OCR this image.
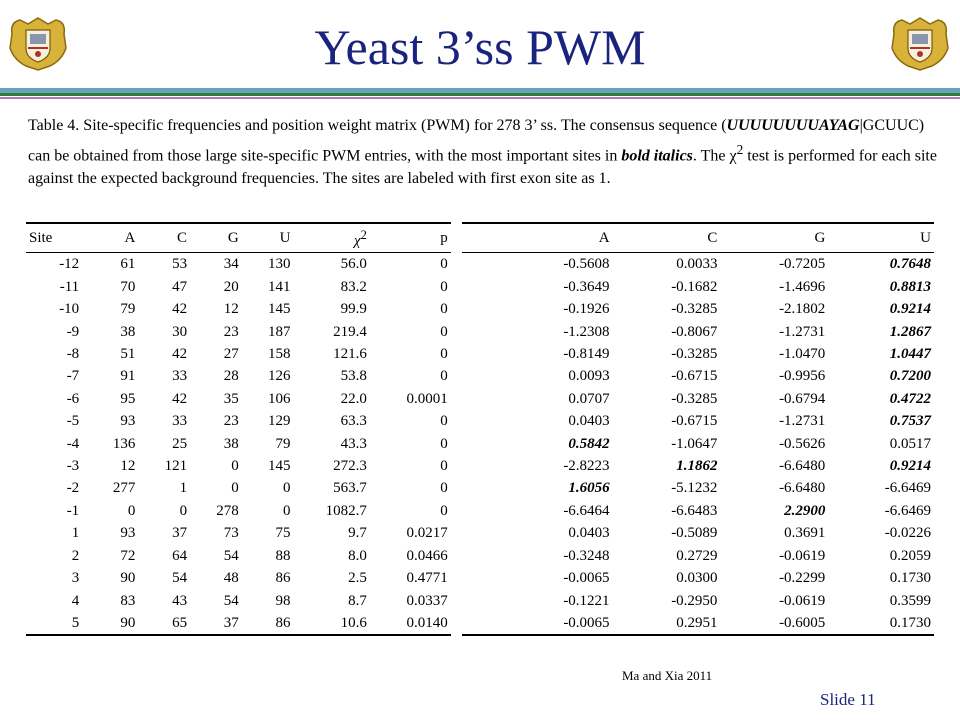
Yeast 3’ss PWM
Table 4. Site-specific frequencies and position weight matrix (PWM) for 278 3’ ss. The consensus sequence (UUUUUUUUAYAG|GCUUC) can be obtained from those large site-specific PWM entries, with the most important sites in bold italics. The $\chi^2$ test is performed for each site against the expected background frequencies. The sites are labeled with first exon site as 1.
Site	A	C	G	U	$\chi^2$	p		A	C	G	U
-12	61	53	34	130	56.0	0		-0.5608	0.0033	-0.7205	0.7648
-11	70	47	20	141	83.2	0		-0.3649	-0.1682	-1.4696	0.8813
-10	79	42	12	145	99.9	0		-0.1926	-0.3285	-2.1802	0.9214
-9	38	30	23	187	219.4	0		-1.2308	-0.8067	-1.2731	1.2867
-8	51	42	27	158	121.6	0		-0.8149	-0.3285	-1.0470	1.0447
-7	91	33	28	126	53.8	0		0.0093	-0.6715	-0.9956	0.7200
-6	95	42	35	106	22.0	0.0001		0.0707	-0.3285	-0.6794	0.4722
-5	93	33	23	129	63.3	0		0.0403	-0.6715	-1.2731	0.7537
-4	136	25	38	79	43.3	0		0.5842	-1.0647	-0.5626	0.0517
-3	12	121	0	145	272.3	0		-2.8223	1.1862	-6.6480	0.9214
-2	277	1	0	0	563.7	0		1.6056	-5.1232	-6.6480	-6.6469
-1	0	0	278	0	1082.7	0		-6.6464	-6.6483	2.2900	-6.6469
1	93	37	73	75	9.7	0.0217		0.0403	-0.5089	0.3691	-0.0226
2	72	64	54	88	8.0	0.0466		-0.3248	0.2729	-0.0619	0.2059
3	90	54	48	86	2.5	0.4771		-0.0065	0.0300	-0.2299	0.1730
4	83	43	54	98	8.7	0.0337		-0.1221	-0.2950	-0.0619	0.3599
5	90	65	37	86	10.6	0.0140		-0.0065	0.2951	-0.6005	0.1730
Ma and Xia 2011
Slide 11
